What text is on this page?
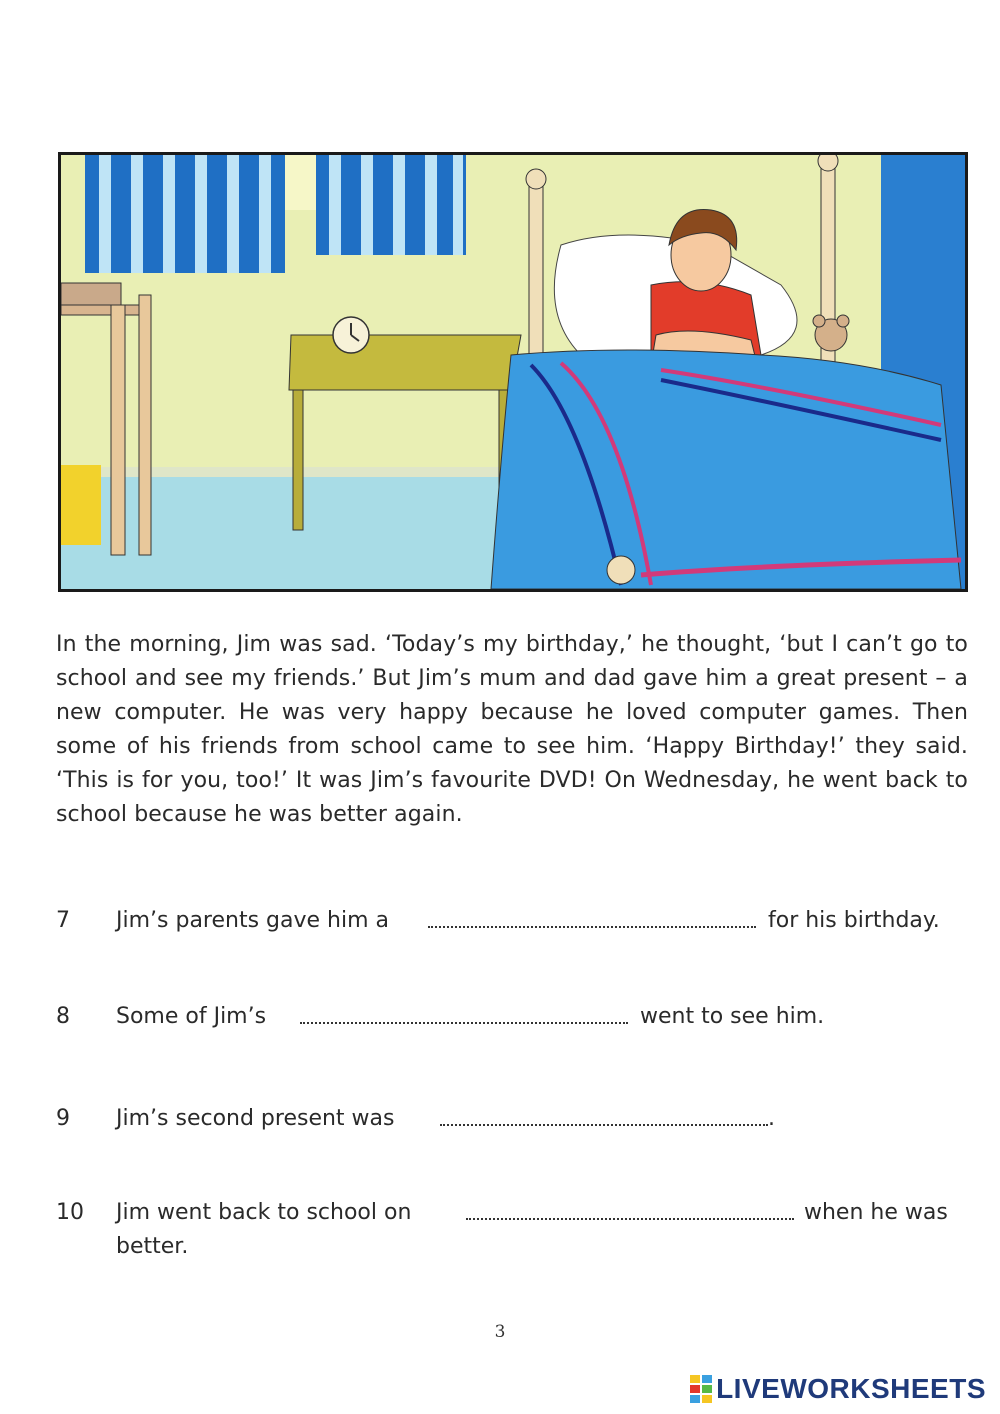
In the morning, Jim was sad. ‘Today’s my birthday,’ he thought, ‘but I can’t go to school and see my friends.’ But Jim’s mum and dad gave him a great present – a new computer. He was very happy because he loved computer games. Then some of his friends from school came to see him. ‘Happy Birthday!’ they said. ‘This is for you, too!’ It was Jim’s favourite DVD! On Wednesday, he went back to school because he was better again.

7 Jim’s parents gave him a	for his birthday.
8 Some of Jim’s	went to see him.
9 Jim’s second present was	.
10 Jim went back to school on	when he was
better.
3
LIVEWORKSHEETS
